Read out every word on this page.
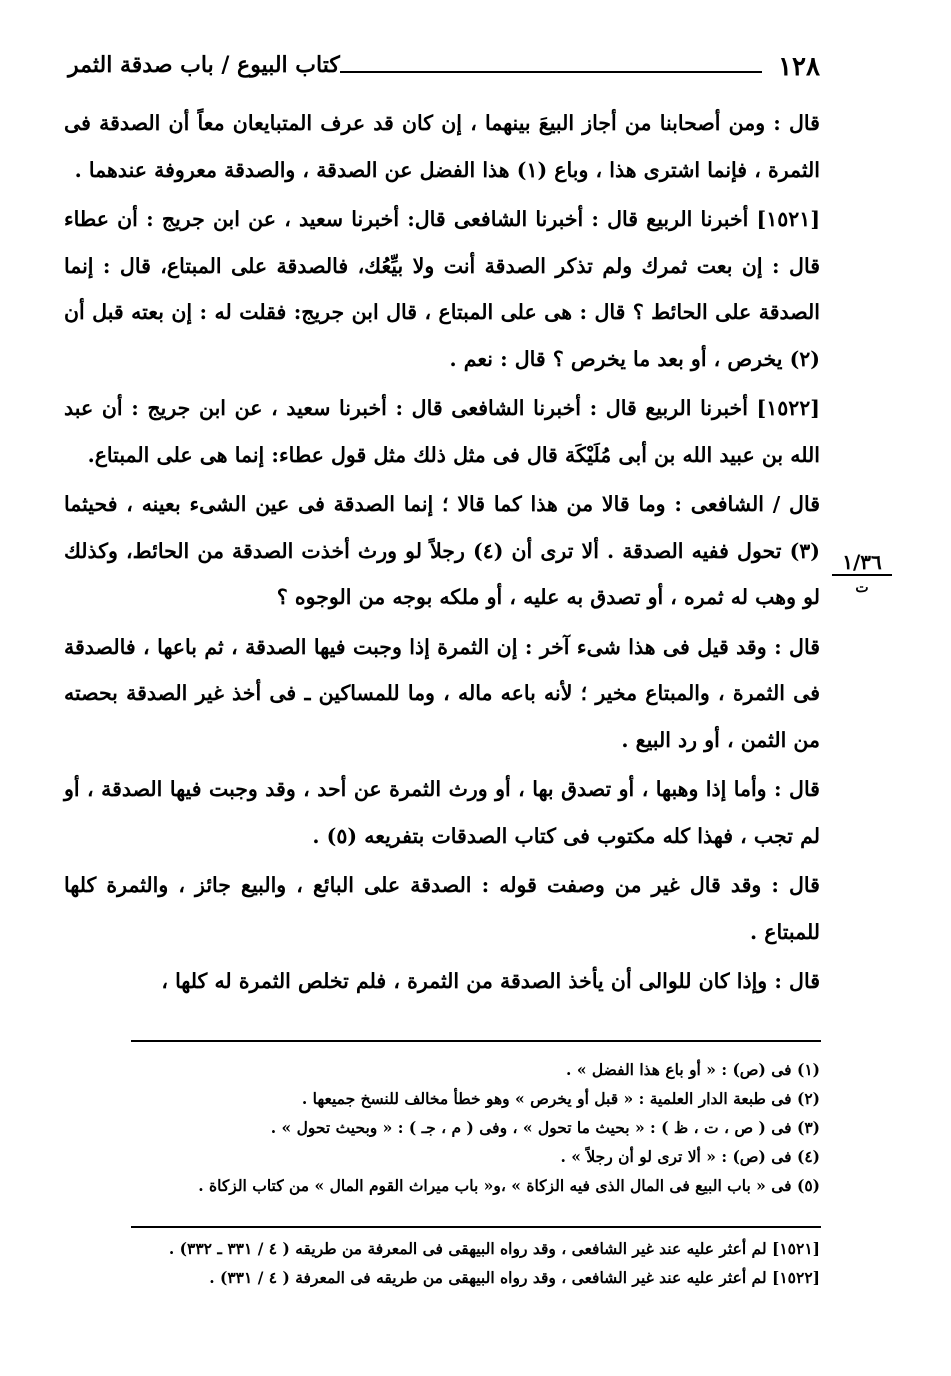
١٢٨
كتاب البيوع / باب صدقة الثمر
١/٣٦
ت

قال : ومن أصحابنا من أجاز البيعَ بينهما ، إن كان قد عرف المتبايعان معاً أن الصدقة فى الثمرة ، فإنما اشترى هذا ، وباع (١) هذا الفضل عن الصدقة ، والصدقة معروفة عندهما .

[١٥٢١] أخبرنا الربيع قال : أخبرنا الشافعى قال: أخبرنا سعيد ، عن ابن جريج : أن عطاء قال : إن بعت ثمرك ولم تذكر الصدقة أنت ولا بيِّعُك، فالصدقة على المبتاع، قال : إنما الصدقة على الحائط ؟ قال : هى على المبتاع ، قال ابن جريج: فقلت له : إن بعته قبل أن (٢) يخرص ، أو بعد ما يخرص ؟ قال : نعم .

[١٥٢٢] أخبرنا الربيع قال : أخبرنا الشافعى قال : أخبرنا سعيد ، عن ابن جريج : أن عبد الله بن عبيد الله بن أبى مُلَيْكَة قال فى مثل ذلك مثل قول عطاء: إنما هى على المبتاع.

قال / الشافعى : وما قالا من هذا كما قالا ؛ إنما الصدقة فى عين الشىء بعينه ، فحيثما (٣) تحول ففيه الصدقة . ألا ترى أن (٤) رجلاً لو ورث أخذت الصدقة من الحائط، وكذلك لو وهب له ثمره ، أو تصدق به عليه ، أو ملكه بوجه من الوجوه ؟

قال : وقد قيل فى هذا شىء آخر : إن الثمرة إذا وجبت فيها الصدقة ، ثم باعها ، فالصدقة فى الثمرة ، والمبتاع مخير ؛ لأنه باعه ماله ، وما للمساكين ـ فى أخذ غير الصدقة بحصته من الثمن ، أو رد البيع .

قال : وأما إذا وهبها ، أو تصدق بها ، أو ورث الثمرة عن أحد ، وقد وجبت فيها الصدقة ، أو لم تجب ، فهذا كله مكتوب فى كتاب الصدقات بتفريعه (٥) .

قال : وقد قال غير من وصفت قوله : الصدقة على البائع ، والبيع جائز ، والثمرة كلها للمبتاع .

قال : وإذا كان للوالى أن يأخذ الصدقة من الثمرة ، فلم تخلص الثمرة له كلها ،

(١) فى (ص) : « أو باع هذا الفضل » .

(٢) فى طبعة الدار العلمية : « قبل أو يخرص » وهو خطأ مخالف للنسخ جميعها .

(٣) فى ( ص ، ت ، ظ ) : « بحيث ما تحول » ، وفى ( م ، جـ ) : « وبحيث تحول » .

(٤) فى (ص) : « ألا ترى لو أن رجلاً » .

(٥) فى « باب البيع فى المال الذى فيه الزكاة » ،و« باب ميراث القوم المال » من كتاب الزكاة .

[١٥٢١] لم أعثر عليه عند غير الشافعى ، وقد رواه البيهقى فى المعرفة من طريقه ( ٤ / ٣٣١ ـ ٣٣٢) .

[١٥٢٢] لم أعثر عليه عند غير الشافعى ، وقد رواه البيهقى من طريقه فى المعرفة ( ٤ / ٣٣١) .
